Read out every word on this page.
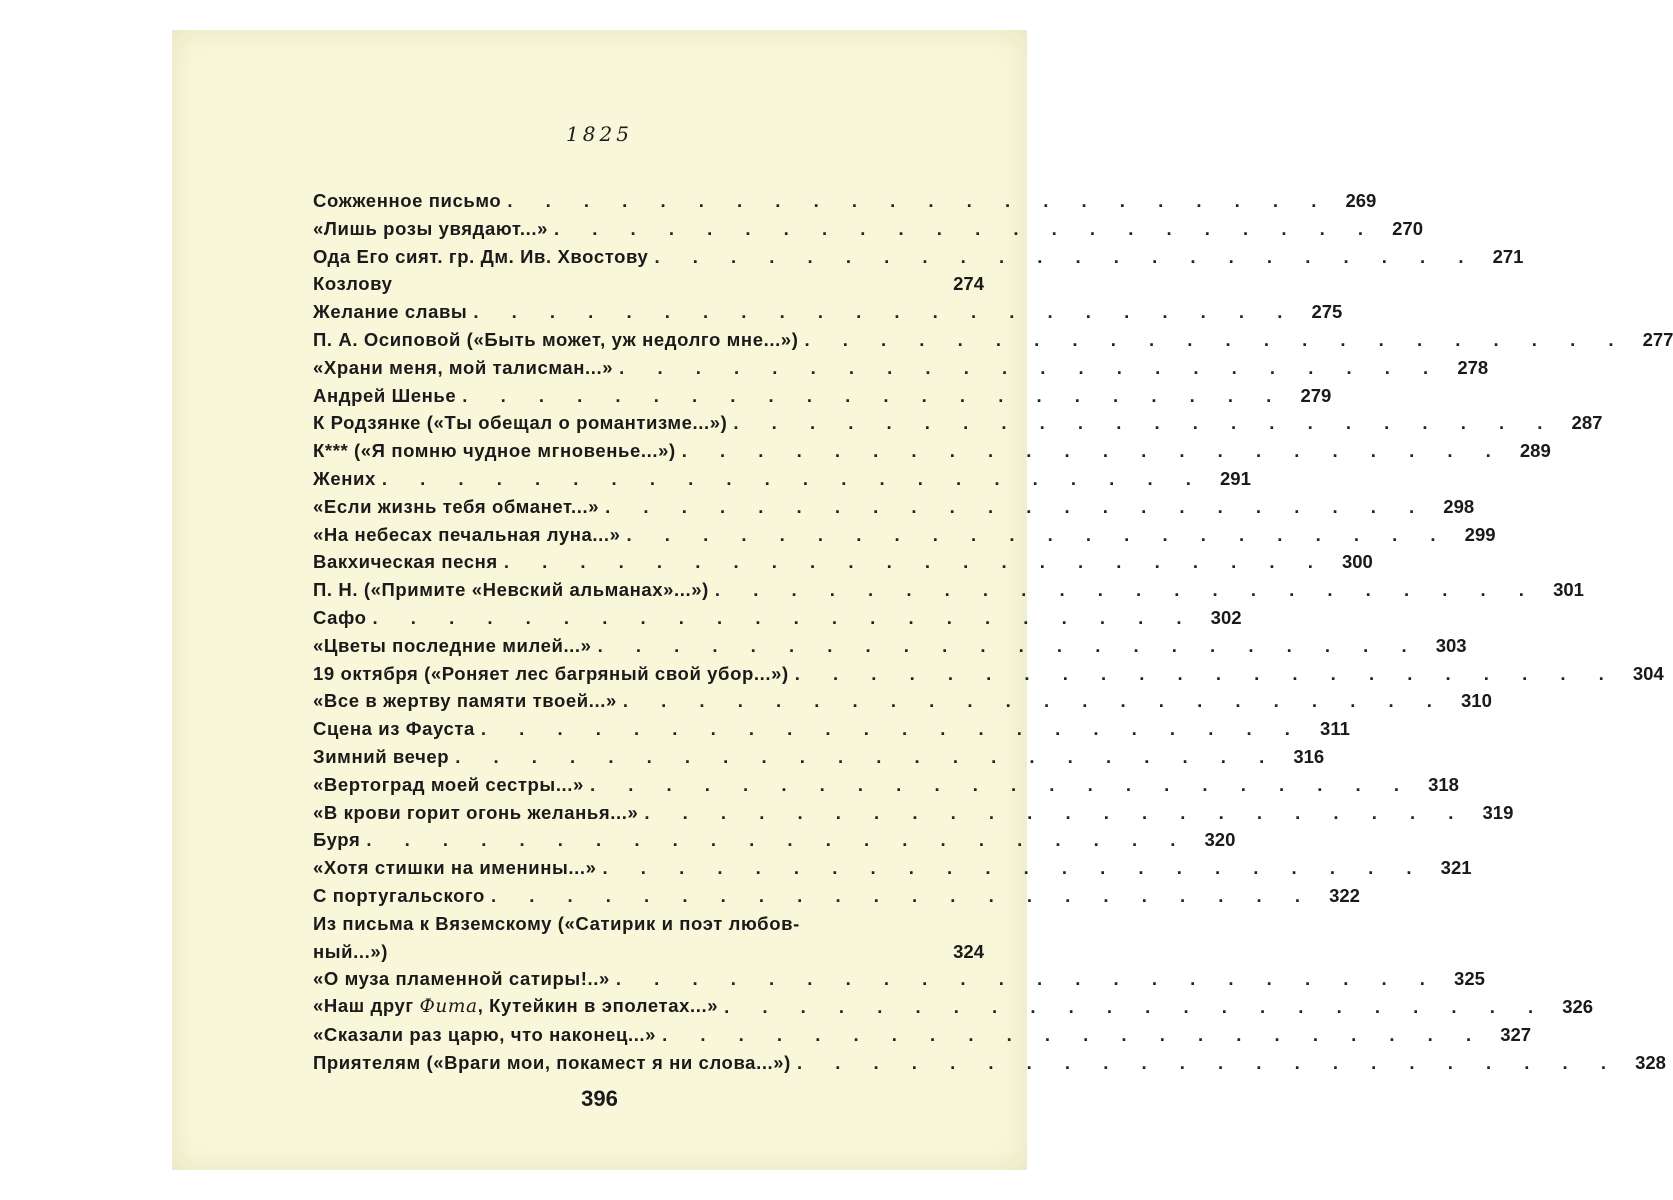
1825
Сожженное письмо . . . . . . . . . . . . . . . . . . . . . . 269
«Лишь розы увядают...» . . . . . . . . . . . . . . . . . . . . . . 270
Ода Его сият. гр. Дм. Ив. Хвостову . . . . . . . . . . . . . . . . . . . . . . 271
Козлову	274
Желание славы . . . . . . . . . . . . . . . . . . . . . . 275
П. А. Осиповой («Быть может, уж недолго мне...») . . . . . . . . . . . . . . . . . . . . . . 277
«Храни меня, мой талисман...» . . . . . . . . . . . . . . . . . . . . . . 278
Андрей Шенье . . . . . . . . . . . . . . . . . . . . . . 279
К Родзянке («Ты обещал о романтизме...») . . . . . . . . . . . . . . . . . . . . . . 287
К*** («Я помню чудное мгновенье...») . . . . . . . . . . . . . . . . . . . . . . 289
Жених . . . . . . . . . . . . . . . . . . . . . . 291
«Если жизнь тебя обманет...» . . . . . . . . . . . . . . . . . . . . . . 298
«На небесах печальная луна...» . . . . . . . . . . . . . . . . . . . . . . 299
Вакхическая песня . . . . . . . . . . . . . . . . . . . . . . 300
П. Н. («Примите «Невский альманах»...») . . . . . . . . . . . . . . . . . . . . . . 301
Сафо . . . . . . . . . . . . . . . . . . . . . . 302
«Цветы последние милей...» . . . . . . . . . . . . . . . . . . . . . . 303
19 октября («Роняет лес багряный свой убор...») . . . . . . . . . . . . . . . . . . . . . . 304
«Все в жертву памяти твоей...» . . . . . . . . . . . . . . . . . . . . . . 310
Сцена из Фауста . . . . . . . . . . . . . . . . . . . . . . 311
Зимний вечер . . . . . . . . . . . . . . . . . . . . . . 316
«Вертоград моей сестры...» . . . . . . . . . . . . . . . . . . . . . . 318
«В крови горит огонь желанья...» . . . . . . . . . . . . . . . . . . . . . . 319
Буря . . . . . . . . . . . . . . . . . . . . . . 320
«Хотя стишки на именины...» . . . . . . . . . . . . . . . . . . . . . . 321
С португальского . . . . . . . . . . . . . . . . . . . . . . 322
Из письма к Вяземскому («Сатирик и поэт любов-
ный...»)	324
«О муза пламенной сатиры!..» . . . . . . . . . . . . . . . . . . . . . . 325
«Наш друг Фита, Кутейкин в эполетах...» . . . . . . . . . . . . . . . . . . . . . . 326
«Сказали раз царю, что наконец...» . . . . . . . . . . . . . . . . . . . . . . 327
Приятелям («Враги мои, покамест я ни слова...») . . . . . . . . . . . . . . . . . . . . . . 328
396
